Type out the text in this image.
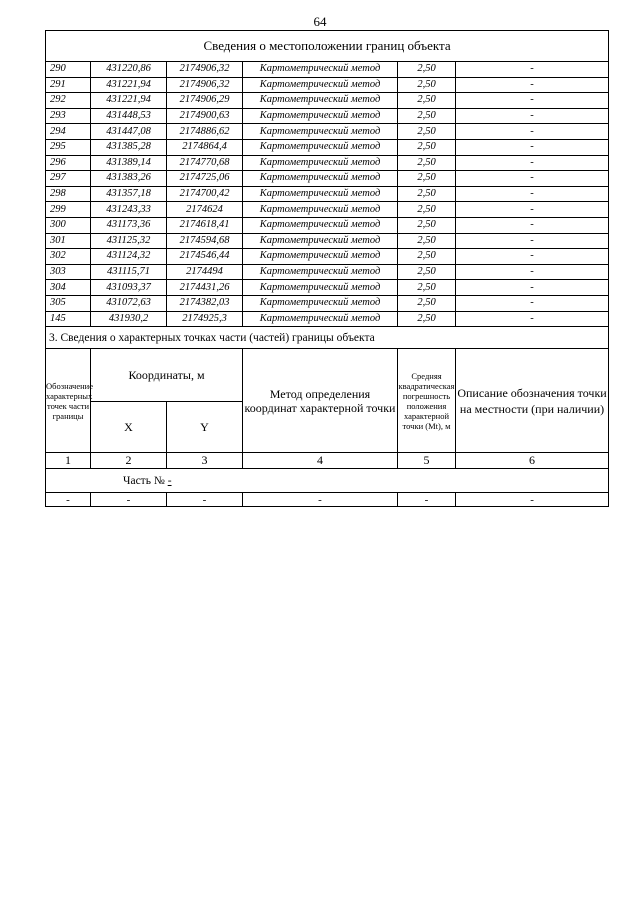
64
Сведения о местоположении границ объекта					
290	431220,86	2174906,32	Картометрический метод	2,50	-
291	431221,94	2174906,32	Картометрический метод	2,50	-
292	431221,94	2174906,29	Картометрический метод	2,50	-
293	431448,53	2174900,63	Картометрический метод	2,50	-
294	431447,08	2174886,62	Картометрический метод	2,50	-
295	431385,28	2174864,4	Картометрический метод	2,50	-
296	431389,14	2174770,68	Картометрический метод	2,50	-
297	431383,26	2174725,06	Картометрический метод	2,50	-
298	431357,18	2174700,42	Картометрический метод	2,50	-
299	431243,33	2174624	Картометрический метод	2,50	-
300	431173,36	2174618,41	Картометрический метод	2,50	-
301	431125,32	2174594,68	Картометрический метод	2,50	-
302	431124,32	2174546,44	Картометрический метод	2,50	-
303	431115,71	2174494	Картометрический метод	2,50	-
304	431093,37	2174431,26	Картометрический метод	2,50	-
305	431072,63	2174382,03	Картометрический метод	2,50	-
145	431930,2	2174925,3	Картометрический метод	2,50	-
3. Сведения о характерных точках части (частей) границы объекта					
Обозначение характерных точек части границы	Координаты, м		Метод определения координат характерной точки	Средняя квадратическая погрешность положения характерной точки (Мt), м	Описание обозначения точки на местности (при наличии)
	X	Y			
1	2	3	4	5	6
Часть № -					
-	-	-	-	-	-
